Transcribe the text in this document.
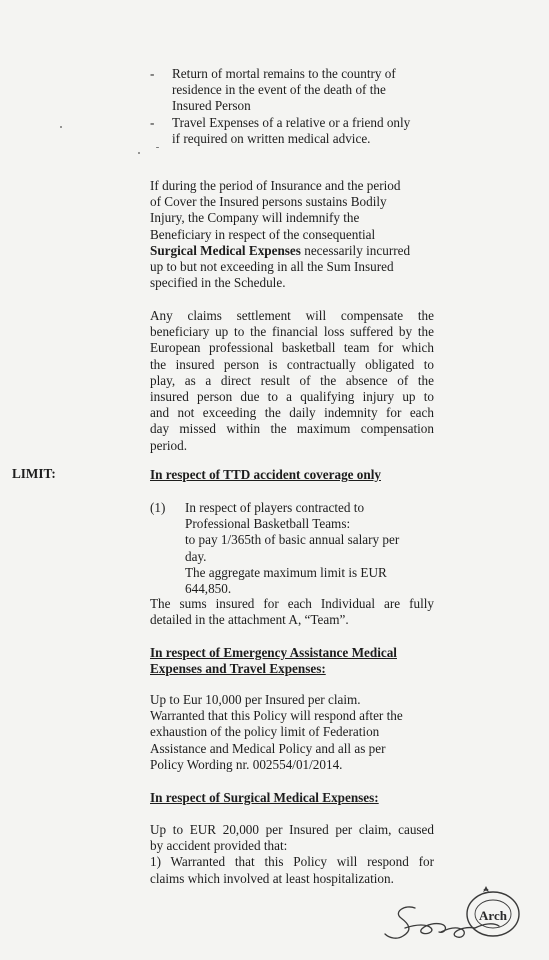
- Return of mortal remains to the country of
residence in the event of the death of the
Insured Person
- Travel Expenses of a relative or a friend only
if required on written medical advice.
If during the period of Insurance and the period
of Cover the Insured persons sustains Bodily
Injury, the Company will indemnify the
Beneficiary in respect of the consequential
Surgical Medical Expenses necessarily incurred
up to but not exceeding in all the Sum Insured
specified in the Schedule.
Any claims settlement will compensate the
beneficiary up to the financial loss suffered by the
European professional basketball team for which
the insured person is contractually obligated to
play, as a direct result of the absence of the
insured person due to a qualifying injury up to
and not exceeding the daily indemnity for each
day missed within the maximum compensation
period.
LIMIT:	In respect of TTD accident coverage only
(1) In respect of players contracted to
Professional Basketball Teams:
to pay 1/365th of basic annual salary per
day.
The aggregate maximum limit is EUR
644,850.
The sums insured for each Individual are fully
detailed in the attachment A, “Team”.
In respect of Emergency Assistance Medical
Expenses and Travel Expenses:
Up to Eur 10,000 per Insured per claim.
Warranted that this Policy will respond after the
exhaustion of the policy limit of Federation
Assistance and Medical Policy and all as per
Policy Wording nr. 002554/01/2014.
In respect of Surgical Medical Expenses:
Up to EUR 20,000 per Insured per claim, caused
by accident provided that:
1) Warranted that this Policy will respond for
claims which involved at least hospitalization.
Arch
